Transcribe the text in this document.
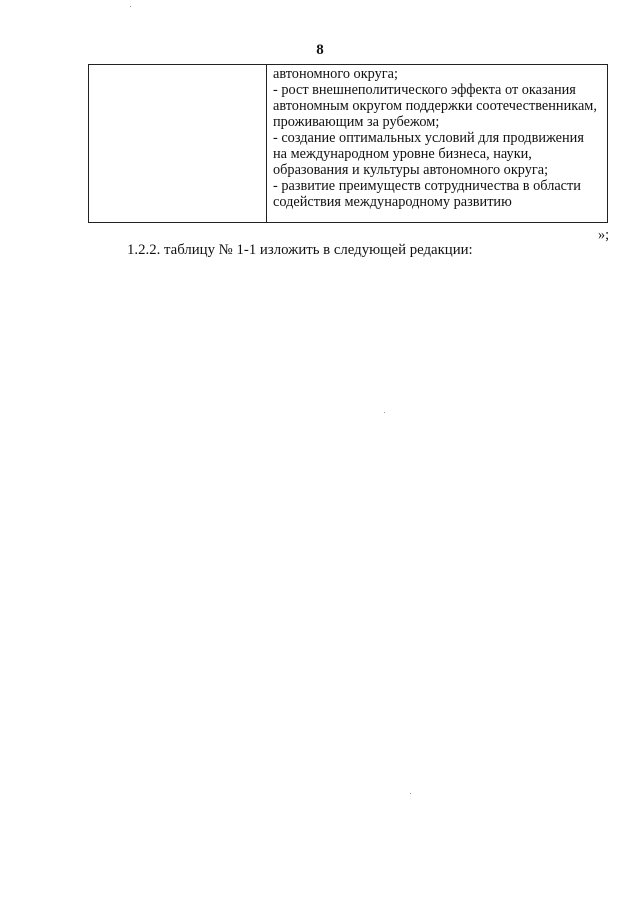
8

автономного округа;
- рост внешнеполитического эффекта от оказания
автономным округом поддержки соотечественникам,
проживающим за рубежом;
- создание оптимальных условий для продвижения
на международном уровне бизнеса, науки,
образования и культуры автономного округа;
- развитие преимуществ сотрудничества в области
содействия международному развитию
»;
1.2.2. таблицу № 1-1 изложить в следующей редакции:
